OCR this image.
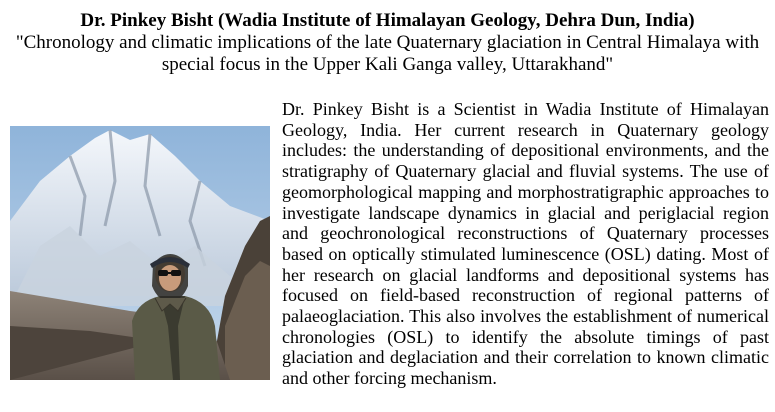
Dr. Pinkey Bisht (Wadia Institute of Himalayan Geology, Dehra Dun, India)
"Chronology and climatic implications of the late Quaternary glaciation in Central Himalaya with special focus in the Upper Kali Ganga valley, Uttarakhand"

Dr. Pinkey Bisht is a Scientist in Wadia Institute of Himalayan Geology, India. Her current research in Quaternary geology includes: the understanding of depositional environments, and the stratigraphy of Quaternary glacial and fluvial systems. The use of geomorphological mapping and morphostratigraphic approaches to investigate landscape dynamics in glacial and periglacial region and geochronological reconstructions of Quaternary processes based on optically stimulated luminescence (OSL) dating. Most of her research on glacial landforms and depositional systems has focused on field-based reconstruction of regional patterns of palaeoglaciation. This also involves the establishment of numerical chronologies (OSL) to identify the absolute timings of past glaciation and deglaciation and their correlation to known climatic and other forcing mechanism.
